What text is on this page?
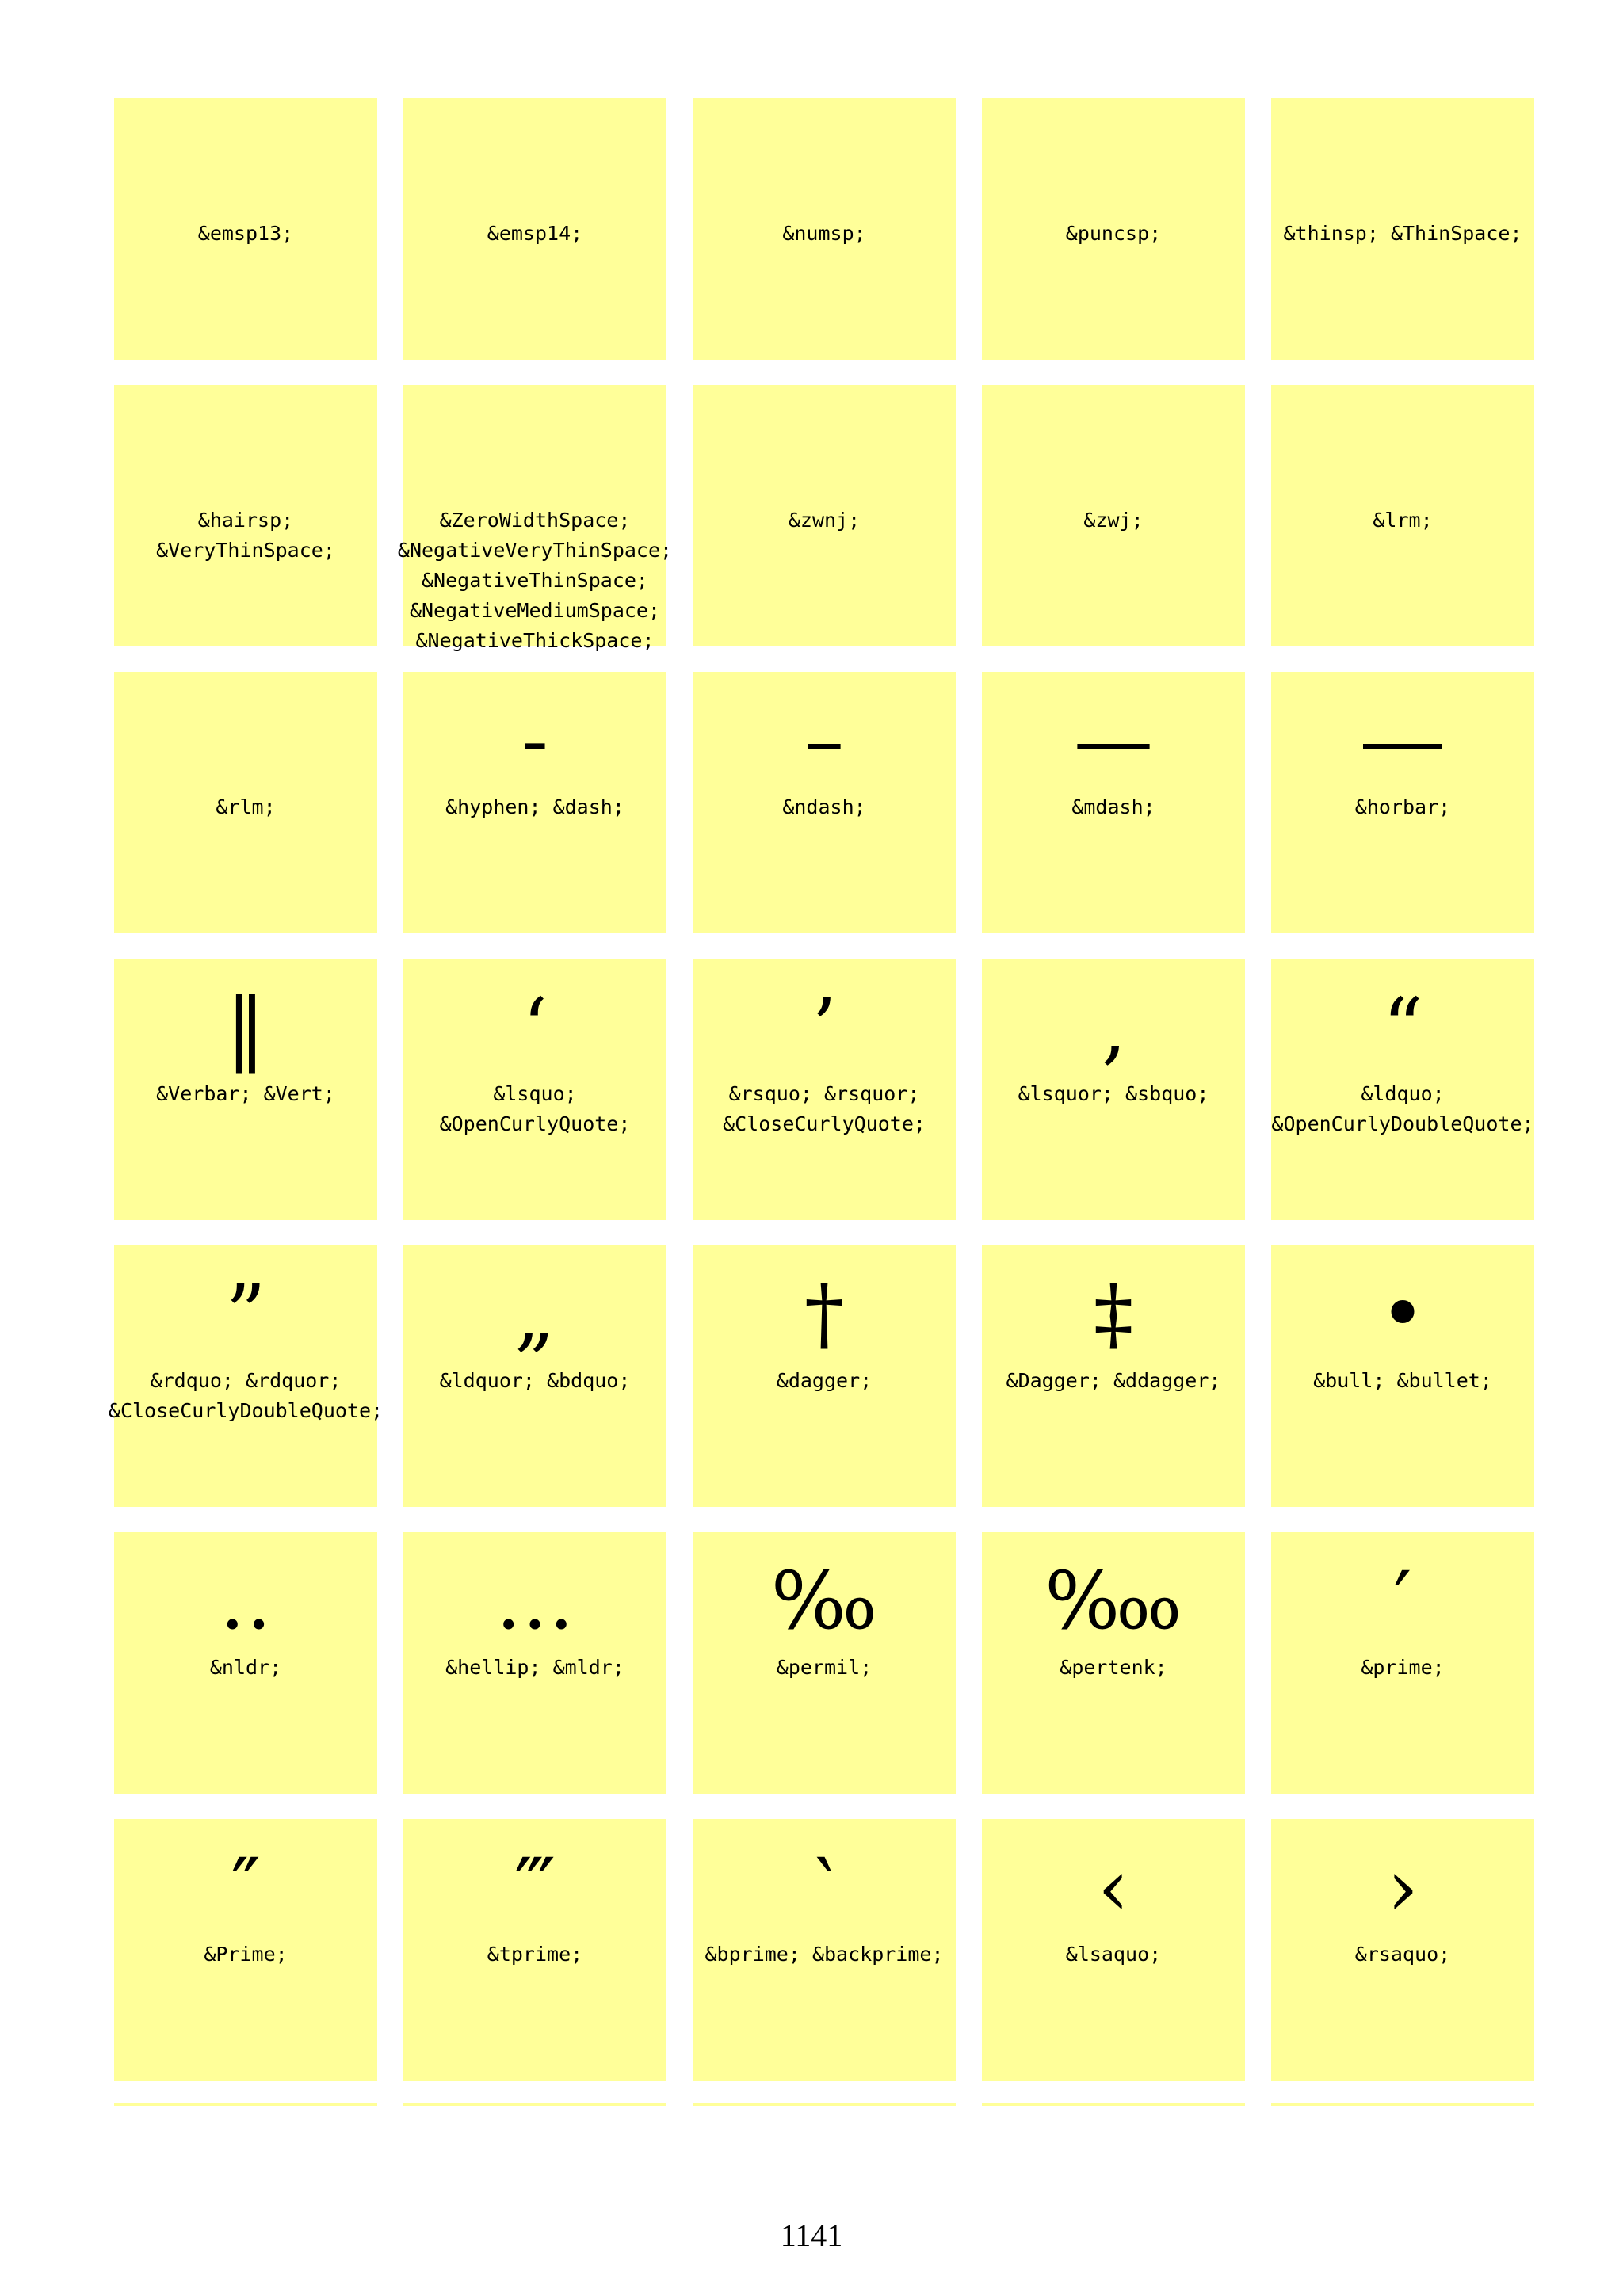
&emsp13;
 	&emsp14;
 	&numsp;
 	&puncsp;
 	&thinsp; &ThinSpace;

&hairsp;
&VeryThinSpace;
&ZeroWidthSpace;
&NegativeVeryThinSpace;
&NegativeThinSpace;
&NegativeMediumSpace;
&NegativeThickSpace;
&zwnj;	&zwj;	&lrm;
&rlm;
‐
&hyphen; &dash;
–
&ndash;
—
&mdash;
―
&horbar;
‖
&Verbar; &Vert;
‘
&lsquo;
&OpenCurlyQuote;
’
&rsquo; &rsquor;
&CloseCurlyQuote;
‚
&lsquor; &sbquo;
“
&ldquo;
&OpenCurlyDoubleQuote;
”
&rdquo; &rdquor;
&CloseCurlyDoubleQuote;
„
&ldquor; &bdquo;
†
&dagger;
‡
&Dagger; &ddagger;
•
&bull; &bullet;
‥
&nldr;
…
&hellip; &mldr;
‰
&permil;
‱
&pertenk;
′
&prime;
″
&Prime;
‴
&tprime;
‵
&bprime; &backprime;
‹
&lsaquo;
›
&rsaquo;
1141
